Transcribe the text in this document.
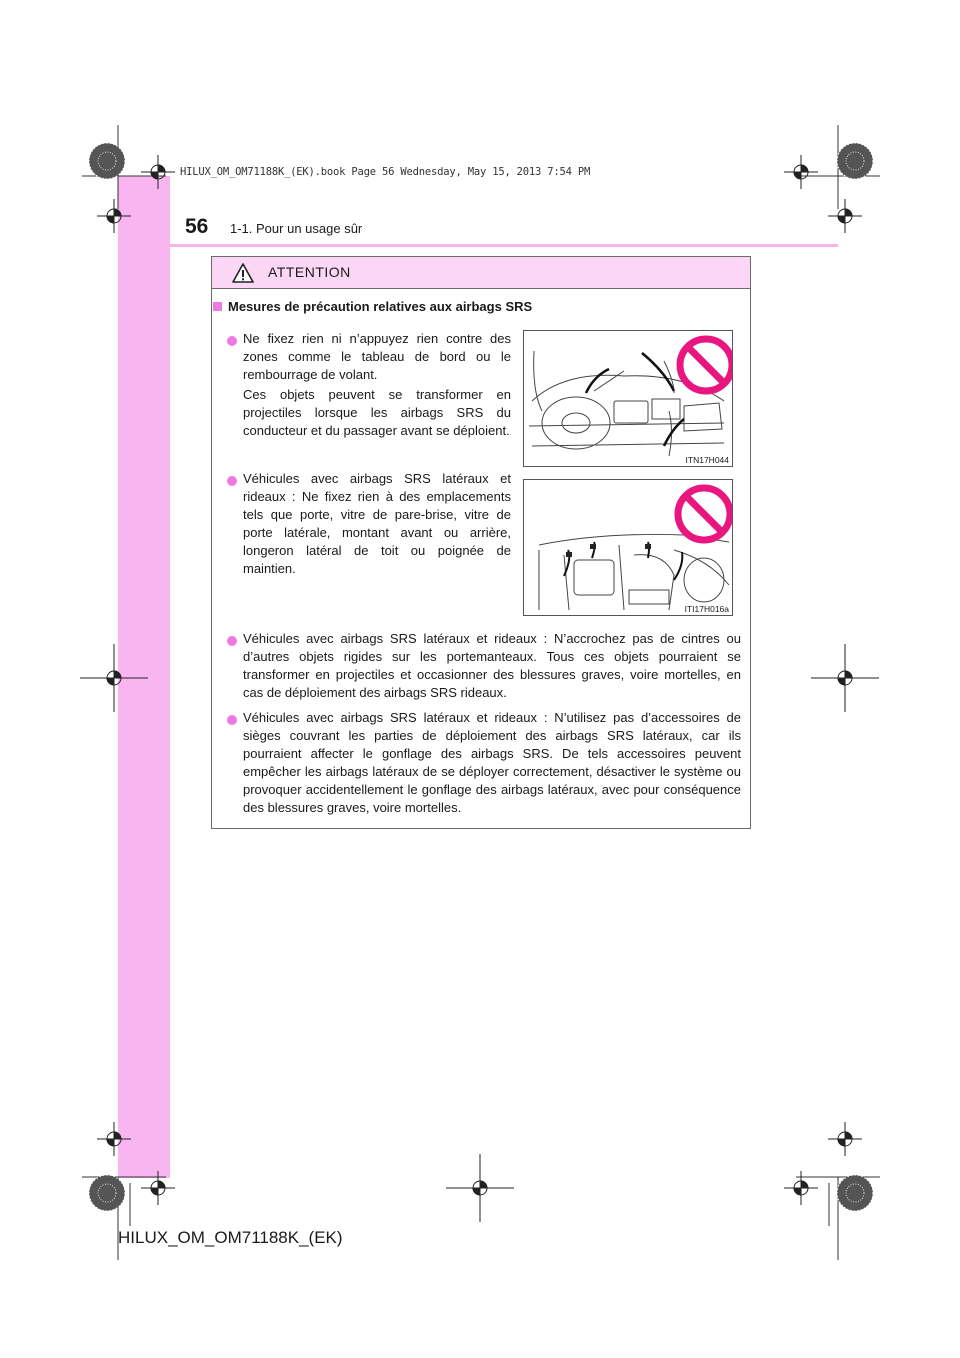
HILUX_OM_OM71188K_(EK).book Page 56 Wednesday, May 15, 2013 7:54 PM
56 1-1. Pour un usage sûr
ATTENTION
Mesures de précaution relatives aux airbags SRS
Ne fixez rien ni n’appuyez rien contre des zones comme le tableau de bord ou le rembourrage de volant.
Ces objets peuvent se transformer en projectiles lorsque les airbags SRS du conducteur et du passager avant se déploient.
Véhicules avec airbags SRS latéraux et rideaux : Ne fixez rien à des emplacements tels que porte, vitre de pare-brise, vitre de porte latérale, montant avant ou arrière, longeron latéral de toit ou poignée de maintien.
ITN17H044
ITI17H016a
Véhicules avec airbags SRS latéraux et rideaux : N’accrochez pas de cintres ou d’autres objets rigides sur les portemanteaux. Tous ces objets pourraient se transformer en projectiles et occasionner des blessures graves, voire mortelles, en cas de déploiement des airbags SRS rideaux.
Véhicules avec airbags SRS latéraux et rideaux : N’utilisez pas d’accessoires de sièges couvrant les parties de déploiement des airbags SRS latéraux, car ils pourraient affecter le gonflage des airbags SRS. De tels accessoires peuvent empêcher les airbags latéraux de se déployer correctement, désactiver le système ou provoquer accidentellement le gonflage des airbags latéraux, avec pour conséquence des blessures graves, voire mortelles.
HILUX_OM_OM71188K_(EK)
